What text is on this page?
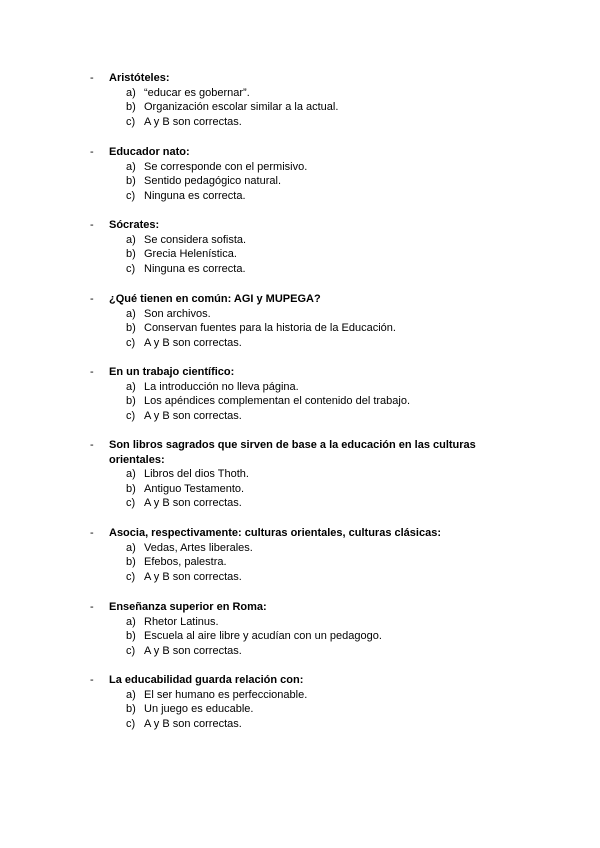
- Aristóteles:
a) “educar es gobernar”.
b) Organización escolar similar a la actual.
c) A y B son correctas.
- Educador nato:
a) Se corresponde con el permisivo.
b) Sentido pedagógico natural.
c) Ninguna es correcta.
- Sócrates:
a) Se considera sofista.
b) Grecia Helenística.
c) Ninguna es correcta.
- ¿Qué tienen en común: AGI y MUPEGA?
a) Son archivos.
b) Conservan fuentes para la historia de la Educación.
c) A y B son correctas.
- En un trabajo científico:
a) La introducción no lleva página.
b) Los apéndices complementan el contenido del trabajo.
c) A y B son correctas.
- Son libros sagrados que sirven de base a la educación en las culturas orientales:
a) Libros del dios Thoth.
b) Antiguo Testamento.
c) A y B son correctas.
- Asocia, respectivamente: culturas orientales, culturas clásicas:
a) Vedas, Artes liberales.
b) Efebos, palestra.
c) A y B son correctas.
- Enseñanza superior en Roma:
a) Rhetor Latinus.
b) Escuela al aire libre y acudían con un pedagogo.
c) A y B son correctas.
- La educabilidad guarda relación con:
a) El ser humano es perfeccionable.
b) Un juego es educable.
c) A y B son correctas.
